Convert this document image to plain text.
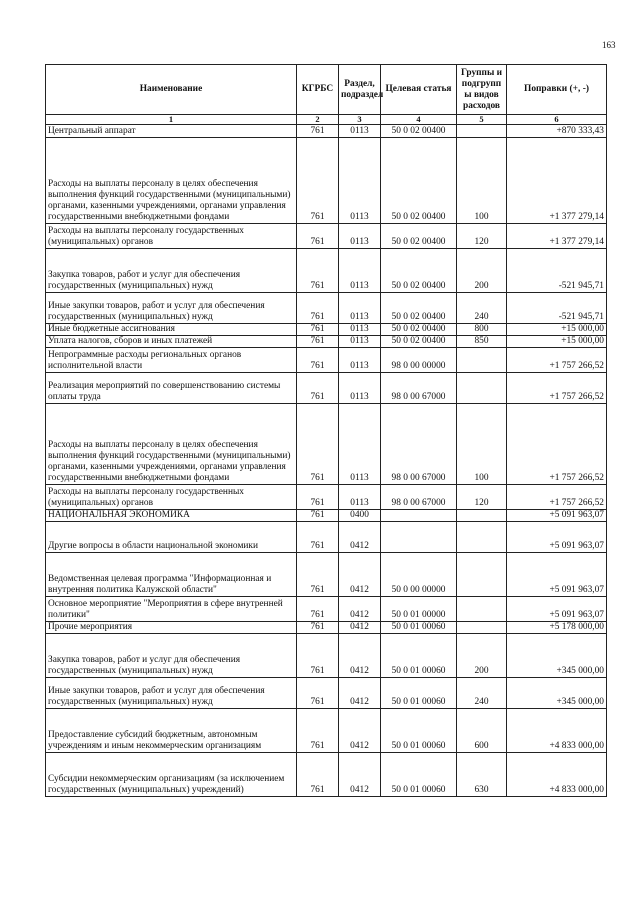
163
Наименование	КГРБС	Раздел, подраздел	Целевая статья	Группы и подгрупп ы видов расходов	Поправки (+, -)
1	2	3	4	5	6
Центральный аппарат	761	0113	50 0 02 00400		+870 333,43
Расходы на выплаты персоналу в целях обеспечения выполнения функций государственными (муниципальными) органами, казенными учреждениями, органами управления государственными внебюджетными фондами	761	0113	50 0 02 00400	100	+1 377 279,14
Расходы на выплаты персоналу государственных (муниципальных) органов	761	0113	50 0 02 00400	120	+1 377 279,14
Закупка товаров, работ и услуг для обеспечения государственных (муниципальных) нужд	761	0113	50 0 02 00400	200	-521 945,71
Иные закупки товаров, работ и услуг для обеспечения государственных (муниципальных) нужд	761	0113	50 0 02 00400	240	-521 945,71
Иные бюджетные ассигнования	761	0113	50 0 02 00400	800	+15 000,00
Уплата налогов, сборов и иных платежей	761	0113	50 0 02 00400	850	+15 000,00
Непрограммные расходы региональных органов исполнительной власти	761	0113	98 0 00 00000		+1 757 266,52
Реализация мероприятий по совершенствованию системы оплаты труда	761	0113	98 0 00 67000		+1 757 266,52
Расходы на выплаты персоналу в целях обеспечения выполнения функций государственными (муниципальными) органами, казенными учреждениями, органами управления государственными внебюджетными фондами	761	0113	98 0 00 67000	100	+1 757 266,52
Расходы на выплаты персоналу государственных (муниципальных) органов	761	0113	98 0 00 67000	120	+1 757 266,52
НАЦИОНАЛЬНАЯ ЭКОНОМИКА	761	0400			+5 091 963,07
Другие вопросы в области национальной экономики	761	0412			+5 091 963,07
Ведомственная целевая программа "Информационная и внутренняя политика Калужской области"	761	0412	50 0 00 00000		+5 091 963,07
Основное мероприятие "Мероприятия в сфере внутренней политики"	761	0412	50 0 01 00000		+5 091 963,07
Прочие мероприятия	761	0412	50 0 01 00060		+5 178 000,00
Закупка товаров, работ и услуг для обеспечения государственных (муниципальных) нужд	761	0412	50 0 01 00060	200	+345 000,00
Иные закупки товаров, работ и услуг для обеспечения государственных (муниципальных) нужд	761	0412	50 0 01 00060	240	+345 000,00
Предоставление субсидий бюджетным, автономным учреждениям и иным некоммерческим организациям	761	0412	50 0 01 00060	600	+4 833 000,00
Субсидии некоммерческим организациям (за исключением государственных (муниципальных) учреждений)	761	0412	50 0 01 00060	630	+4 833 000,00
